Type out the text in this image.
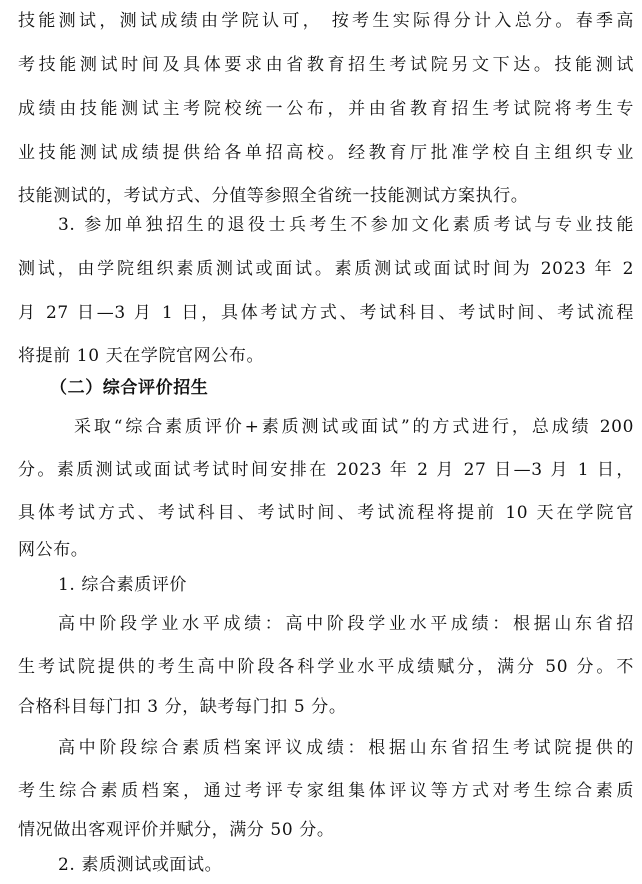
技能测试，测试成绩由学院认可， 按考生实际得分计入总分。春季高
考技能测试时间及具体要求由省教育招生考试院另文下达。技能测试
成绩由技能测试主考院校统一公布，并由省教育招生考试院将考生专
业技能测试成绩提供给各单招高校。经教育厅批准学校自主组织专业
技能测试的，考试方式、分值等参照全省统一技能测试方案执行。
3. 参加单独招生的退役士兵考生不参加文化素质考试与专业技能
测试，由学院组织素质测试或面试。素质测试或面试时间为 2023 年 2
月 27 日—3 月 1 日，具体考试方式、考试科目、考试时间、考试流程
将提前 10 天在学院官网公布。
（二）综合评价招生
采取“综合素质评价+素质测试或面试”的方式进行，总成绩 200
分。素质测试或面试考试时间安排在 2023 年 2 月 27 日—3 月 1 日，
具体考试方式、考试科目、考试时间、考试流程将提前 10 天在学院官
网公布。
1. 综合素质评价
高中阶段学业水平成绩：高中阶段学业水平成绩：根据山东省招
生考试院提供的考生高中阶段各科学业水平成绩赋分，满分 50 分。不
合格科目每门扣 3 分，缺考每门扣 5 分。
高中阶段综合素质档案评议成绩：根据山东省招生考试院提供的
考生综合素质档案，通过考评专家组集体评议等方式对考生综合素质
情况做出客观评价并赋分，满分 50 分。
2. 素质测试或面试。
